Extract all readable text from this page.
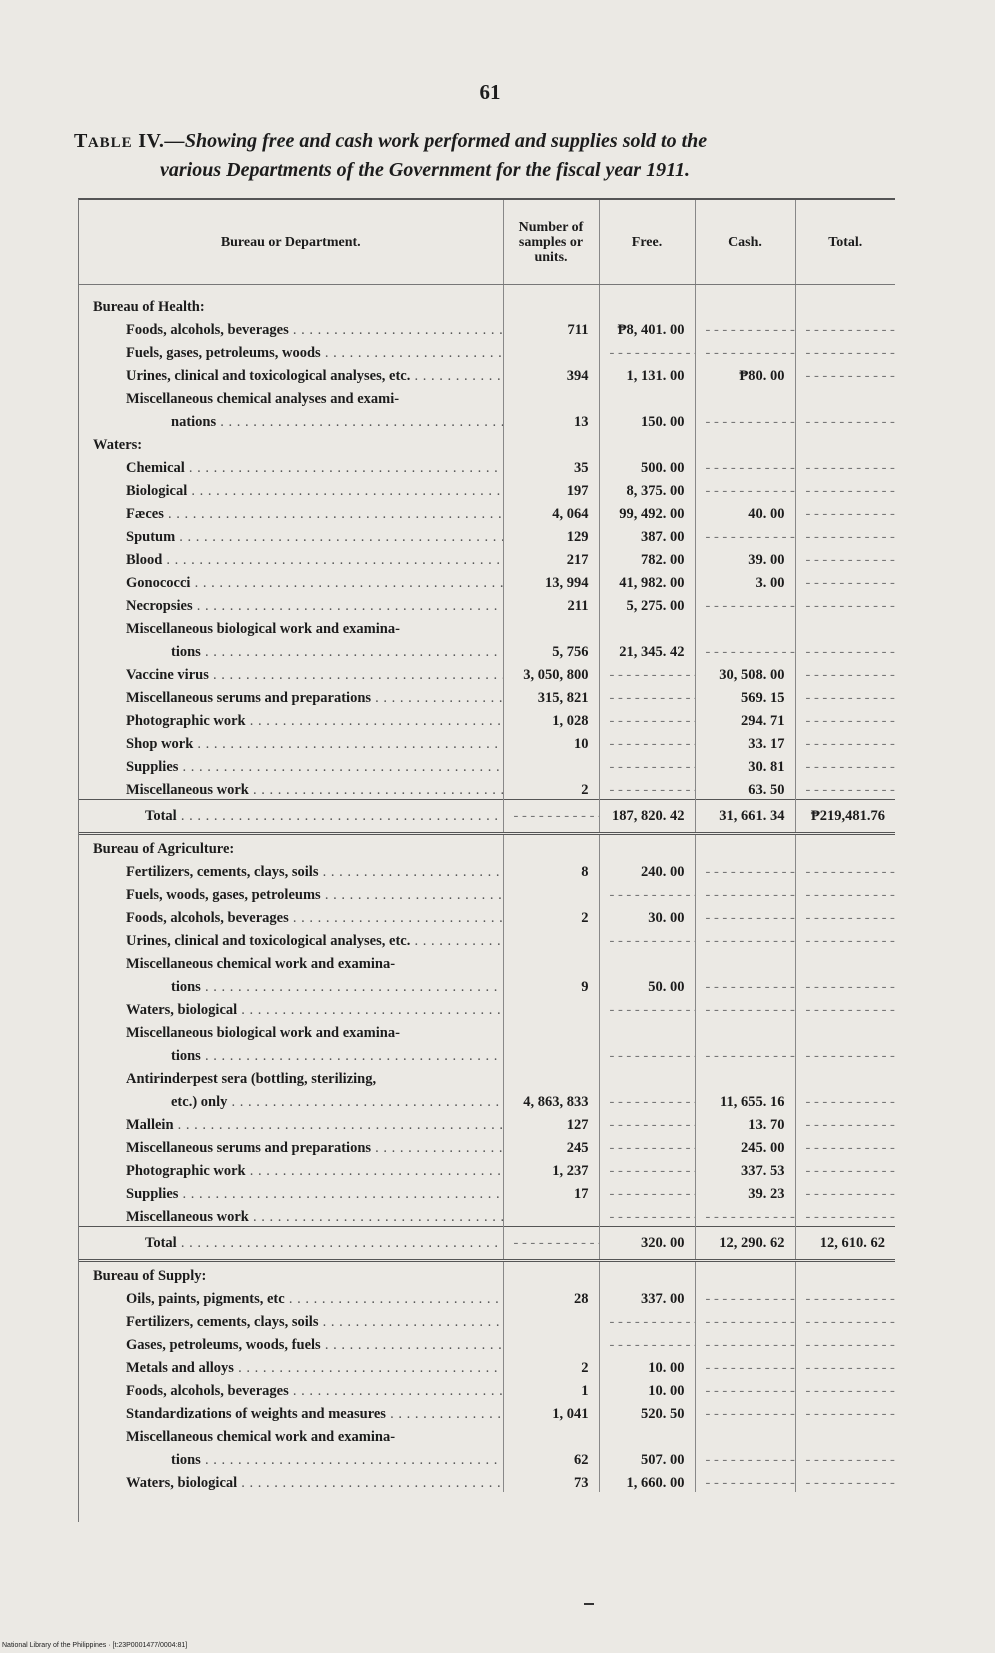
61
TABLE IV.—Showing free and cash work performed and supplies sold to the
various Departments of the Government for the fiscal year 1911.
Bureau or Department.	Number of samples or units.	Free.	Cash.	Total.
Bureau of Health:				
Foods, alcohols, beverages . . .	711	₱8, 401. 00	- - -	- - -
Fuels, gases, petroleums, woods . . .		- - -	- - -	- - -
Urines, clinical and toxicological analyses, etc. . . .	394	1, 131. 00	₱80. 00	- - -
Miscellaneous chemical analyses and exami-				
nations . . .	13	150. 00	- - -	- - -
Waters:				
Chemical . . .	35	500. 00	- - -	- - -
Biological . . .	197	8, 375. 00	- - -	- - -
Fæces . . .	4, 064	99, 492. 00	40. 00	- - -
Sputum . . .	129	387. 00	- - -	- - -
Blood . . .	217	782. 00	39. 00	- - -
Gonococci . . .	13, 994	41, 982. 00	3. 00	- - -
Necropsies . . .	211	5, 275. 00	- - -	- - -
Miscellaneous biological work and examina-				
tions . . .	5, 756	21, 345. 42	- - -	- - -
Vaccine virus . . .	3, 050, 800	- - -	30, 508. 00	- - -
Miscellaneous serums and preparations . . .	315, 821	- - -	569. 15	- - -
Photographic work . . .	1, 028	- - -	294. 71	- - -
Shop work . . .	10	- - -	33. 17	- - -
Supplies . . .		- - -	30. 81	- - -
Miscellaneous work . . .	2	- - -	63. 50	- - -
Total . . .	- - -	187, 820. 42	31, 661. 34	₱219,481.76
Bureau of Agriculture:				
Fertilizers, cements, clays, soils . . .	8	240. 00	- - -	- - -
Fuels, woods, gases, petroleums . . .		- - -	- - -	- - -
Foods, alcohols, beverages . . .	2	30. 00	- - -	- - -
Urines, clinical and toxicological analyses, etc. . . .		- - -	- - -	- - -
Miscellaneous chemical work and examina-				
tions . . .	9	50. 00	- - -	- - -
Waters, biological . . .		- - -	- - -	- - -
Miscellaneous biological work and examina-				
tions . . .		- - -	- - -	- - -
Antirinderpest sera (bottling, sterilizing,				
etc.) only . . .	4, 863, 833	- - -	11, 655. 16	- - -
Mallein . . .	127	- - -	13. 70	- - -
Miscellaneous serums and preparations . . .	245	- - -	245. 00	- - -
Photographic work . . .	1, 237	- - -	337. 53	- - -
Supplies . . .	17	- - -	39. 23	- - -
Miscellaneous work . . .		- - -	- - -	- - -
Total . . .	- - -	320. 00	12, 290. 62	12, 610. 62
Bureau of Supply:				
Oils, paints, pigments, etc . . .	28	337. 00	- - -	- - -
Fertilizers, cements, clays, soils . . .		- - -	- - -	- - -
Gases, petroleums, woods, fuels . . .		- - -	- - -	- - -
Metals and alloys . . .	2	10. 00	- - -	- - -
Foods, alcohols, beverages . . .	1	10. 00	- - -	- - -
Standardizations of weights and measures . . .	1, 041	520. 50	- - -	- - -
Miscellaneous chemical work and examina-				
tions . . .	62	507. 00	- - -	- - -
Waters, biological . . .	73	1, 660. 00	- - -	- - -
National Library of the Philippines · [t:23P0001477/0004:81]
